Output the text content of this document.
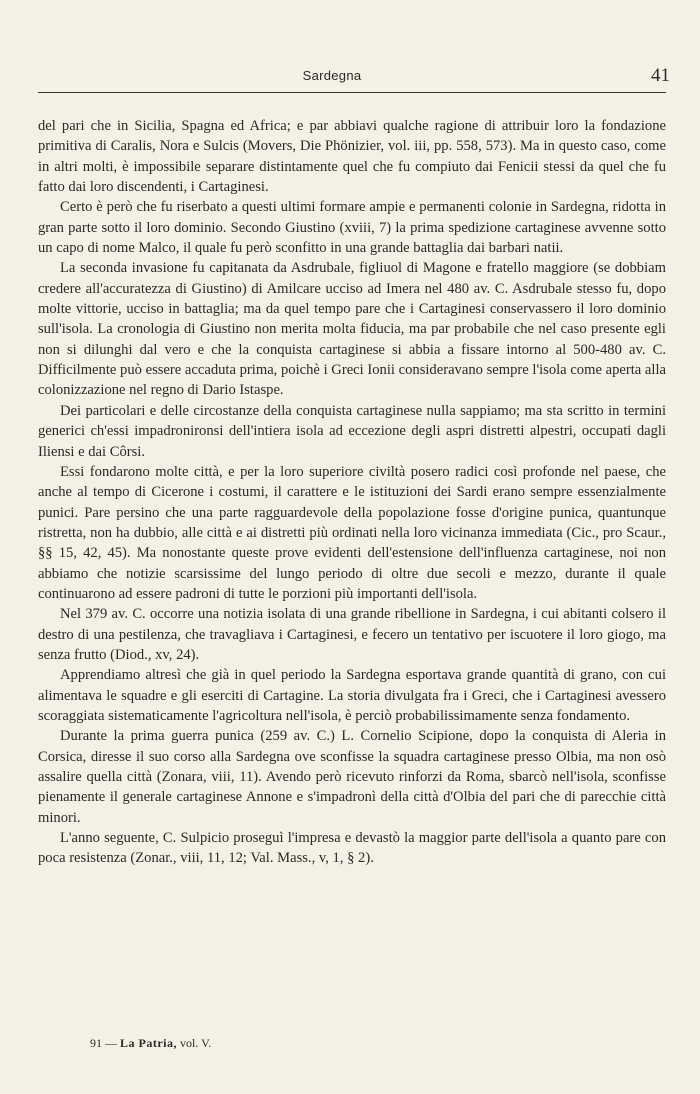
Sardegna	41

del pari che in Sicilia, Spagna ed Africa; e par abbiavi qualche ragione di attribuir loro la fondazione primitiva di Caralis, Nora e Sulcis (Movers, Die Phönizier, vol. iii, pp. 558, 573). Ma in questo caso, come in altri molti, è impossibile separare distintamente quel che fu compiuto dai Fenicii stessi da quel che fu fatto dai loro discendenti, i Cartaginesi.

Certo è però che fu riserbato a questi ultimi formare ampie e permanenti colonie in Sardegna, ridotta in gran parte sotto il loro dominio. Secondo Giustino (xviii, 7) la prima spedizione cartaginese avvenne sotto un capo di nome Malco, il quale fu però sconfitto in una grande battaglia dai barbari natii.

La seconda invasione fu capitanata da Asdrubale, figliuol di Magone e fratello maggiore (se dobbiam credere all'accuratezza di Giustino) di Amilcare ucciso ad Imera nel 480 av. C. Asdrubale stesso fu, dopo molte vittorie, ucciso in battaglia; ma da quel tempo pare che i Cartaginesi conservassero il loro dominio sull'isola. La cronologia di Giustino non merita molta fiducia, ma par probabile che nel caso presente egli non si dilunghi dal vero e che la conquista cartaginese si abbia a fissare intorno al 500-480 av. C. Difficilmente può essere accaduta prima, poichè i Greci Ionii consideravano sempre l'isola come aperta alla colonizzazione nel regno di Dario Istaspe.

Dei particolari e delle circostanze della conquista cartaginese nulla sappiamo; ma sta scritto in termini generici ch'essi impadronironsi dell'intiera isola ad eccezione degli aspri distretti alpestri, occupati dagli Iliensi e dai Côrsi.

Essi fondarono molte città, e per la loro superiore civiltà posero radici così profonde nel paese, che anche al tempo di Cicerone i costumi, il carattere e le istituzioni dei Sardi erano sempre essenzialmente punici. Pare persino che una parte ragguardevole della popolazione fosse d'origine punica, quantunque ristretta, non ha dubbio, alle città e ai distretti più ordinati nella loro vicinanza immediata (Cic., pro Scaur., §§ 15, 42, 45). Ma nonostante queste prove evidenti dell'estensione dell'influenza cartaginese, noi non abbiamo che notizie scarsissime del lungo periodo di oltre due secoli e mezzo, durante il quale continuarono ad essere padroni di tutte le porzioni più importanti dell'isola.

Nel 379 av. C. occorre una notizia isolata di una grande ribellione in Sardegna, i cui abitanti colsero il destro di una pestilenza, che travagliava i Cartaginesi, e fecero un tentativo per iscuotere il loro giogo, ma senza frutto (Diod., xv, 24).

Apprendiamo altresì che già in quel periodo la Sardegna esportava grande quantità di grano, con cui alimentava le squadre e gli eserciti di Cartagine. La storia divulgata fra i Greci, che i Cartaginesi avessero scoraggiata sistematicamente l'agricoltura nell'isola, è perciò probabilissimamente senza fondamento.

Durante la prima guerra punica (259 av. C.) L. Cornelio Scipione, dopo la conquista di Aleria in Corsica, diresse il suo corso alla Sardegna ove sconfisse la squadra cartaginese presso Olbia, ma non osò assalire quella città (Zonara, viii, 11). Avendo però ricevuto rinforzi da Roma, sbarcò nell'isola, sconfisse pienamente il generale cartaginese Annone e s'impadronì della città d'Olbia del pari che di parecchie città minori.

L'anno seguente, C. Sulpicio proseguì l'impresa e devastò la maggior parte dell'isola a quanto pare con poca resistenza (Zonar., viii, 11, 12; Val. Mass., v, 1, § 2).

91 — La Patria, vol. V.
